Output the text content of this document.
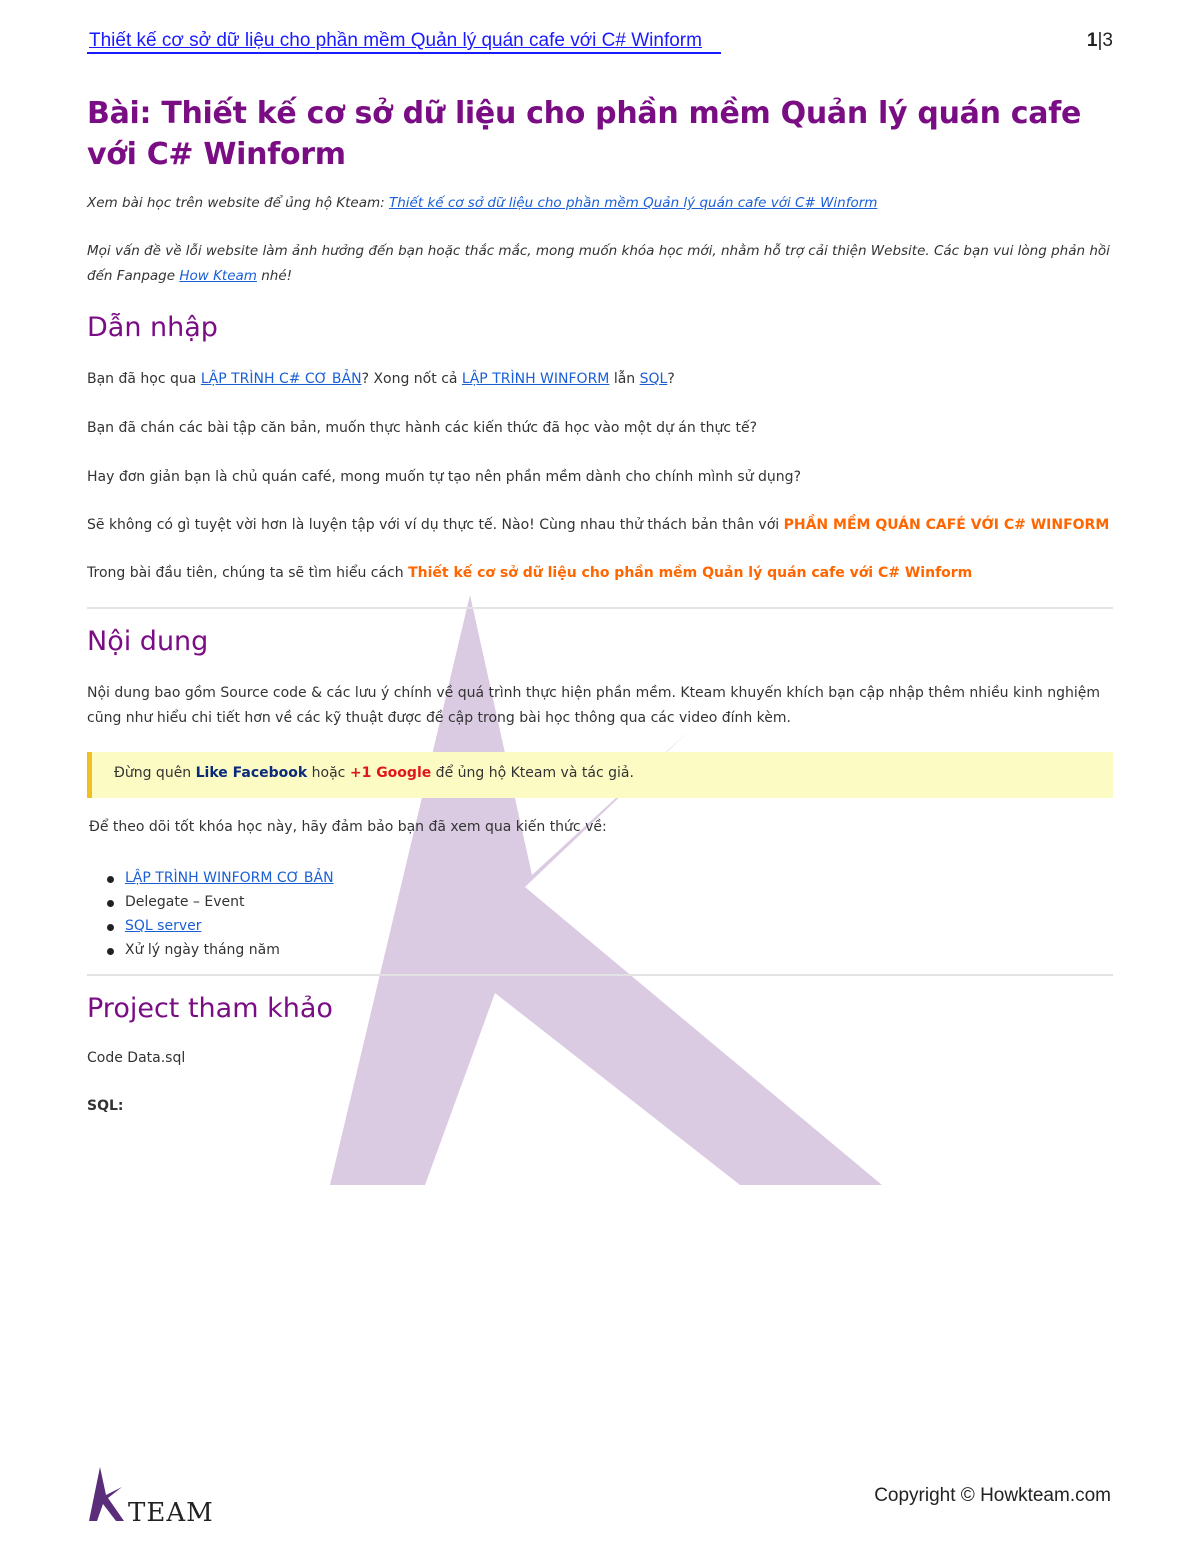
Thiết kế cơ sở dữ liệu cho phần mềm Quản lý quán cafe với C# Winform	1|3
Bài: Thiết kế cơ sở dữ liệu cho phần mềm Quản lý quán cafe với C# Winform

Xem bài học trên website để ủng hộ Kteam: Thiết kế cơ sở dữ liệu cho phần mềm Quản lý quán cafe với C# Winform

Mọi vấn đề về lỗi website làm ảnh hưởng đến bạn hoặc thắc mắc, mong muốn khóa học mới, nhằm hỗ trợ cải thiện Website. Các bạn vui lòng phản hồi đến Fanpage How Kteam nhé!

Dẫn nhập

Bạn đã học qua LẬP TRÌNH C# CƠ BẢN? Xong nốt cả LẬP TRÌNH WINFORM lẫn SQL?

Bạn đã chán các bài tập căn bản, muốn thực hành các kiến thức đã học vào một dự án thực tế?

Hay đơn giản bạn là chủ quán café, mong muốn tự tạo nên phần mềm dành cho chính mình sử dụng?

Sẽ không có gì tuyệt vời hơn là luyện tập với ví dụ thực tế. Nào! Cùng nhau thử thách bản thân với PHẦN MỀM QUÁN CAFÉ VỚI C# WINFORM

Trong bài đầu tiên, chúng ta sẽ tìm hiểu cách Thiết kế cơ sở dữ liệu cho phần mềm Quản lý quán cafe với C# Winform

Nội dung

Nội dung bao gồm Source code & các lưu ý chính về quá trình thực hiện phần mềm. Kteam khuyến khích bạn cập nhập thêm nhiều kinh nghiệm cũng như hiểu chi tiết hơn về các kỹ thuật được đề cập trong bài học thông qua các video đính kèm.

Đừng quên Like Facebook hoặc +1 Google để ủng hộ Kteam và tác giả.

Để theo dõi tốt khóa học này, hãy đảm bảo bạn đã xem qua kiến thức về:

LẬP TRÌNH WINFORM CƠ BẢN
Delegate – Event
SQL server
Xử lý ngày tháng năm
Project tham khảo

Code Data.sql

SQL:

TEAM
Copyright © Howkteam.com
